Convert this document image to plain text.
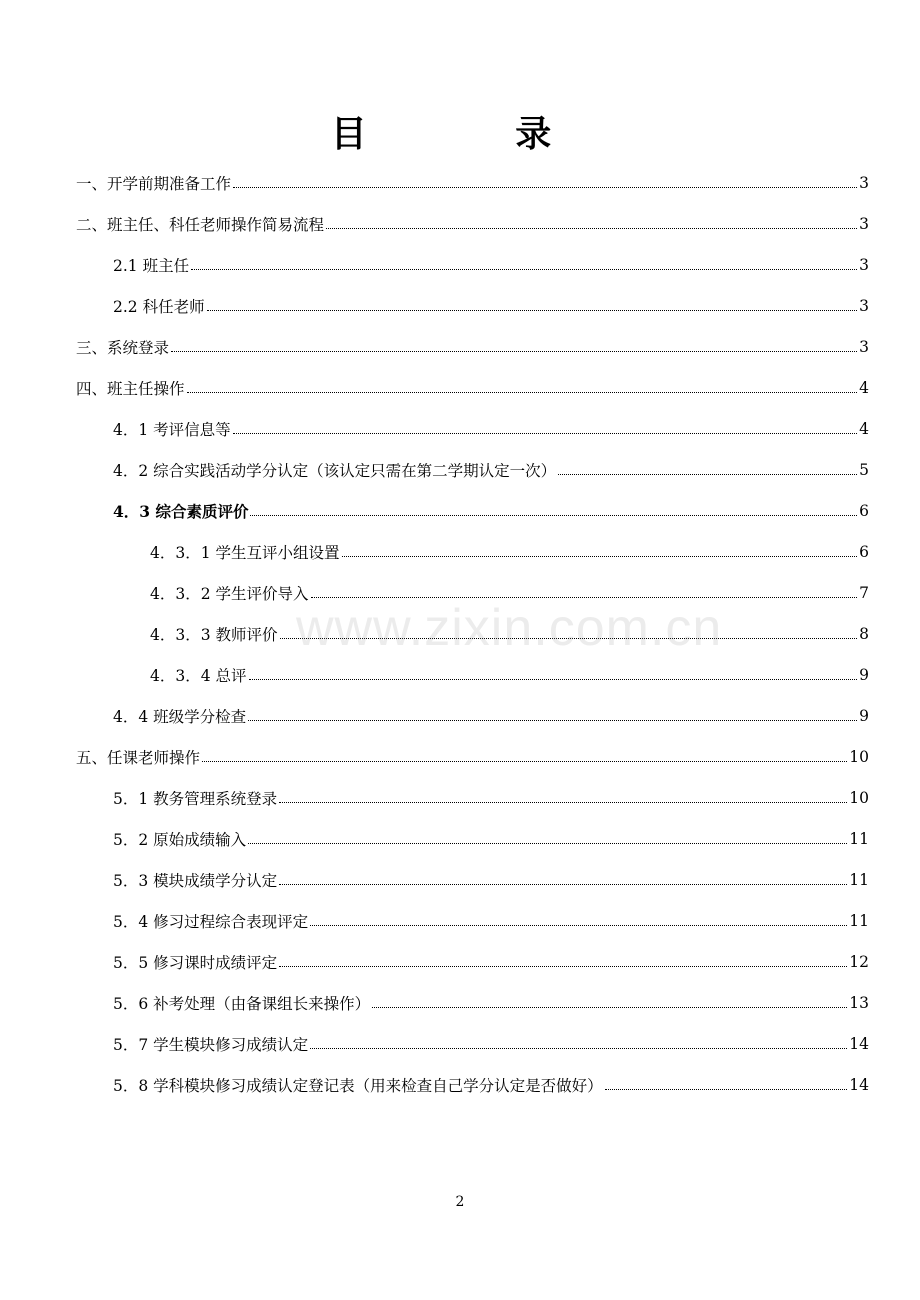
目 录
一、开学前期准备工作	3
二、班主任、科任老师操作简易流程	3
2.1 班主任	3
2.2 科任老师	3
三、系统登录	3
四、班主任操作	4
4．1 考评信息等	4
4．2 综合实践活动学分认定（该认定只需在第二学期认定一次）	5
4．3 综合素质评价	6
4．3．1 学生互评小组设置	6
4．3．2 学生评价导入	7
4．3．3 教师评价	8
4．3．4 总评	9
4．4 班级学分检查	9
五、任课老师操作	10
5．1 教务管理系统登录	10
5．2 原始成绩输入	11
5．3 模块成绩学分认定	11
5．4 修习过程综合表现评定	11
5．5 修习课时成绩评定	12
5．6 补考处理（由备课组长来操作）	13
5．7 学生模块修习成绩认定	14
5．8 学科模块修习成绩认定登记表（用来检查自己学分认定是否做好）	14
www.zixin.com.cn
2
